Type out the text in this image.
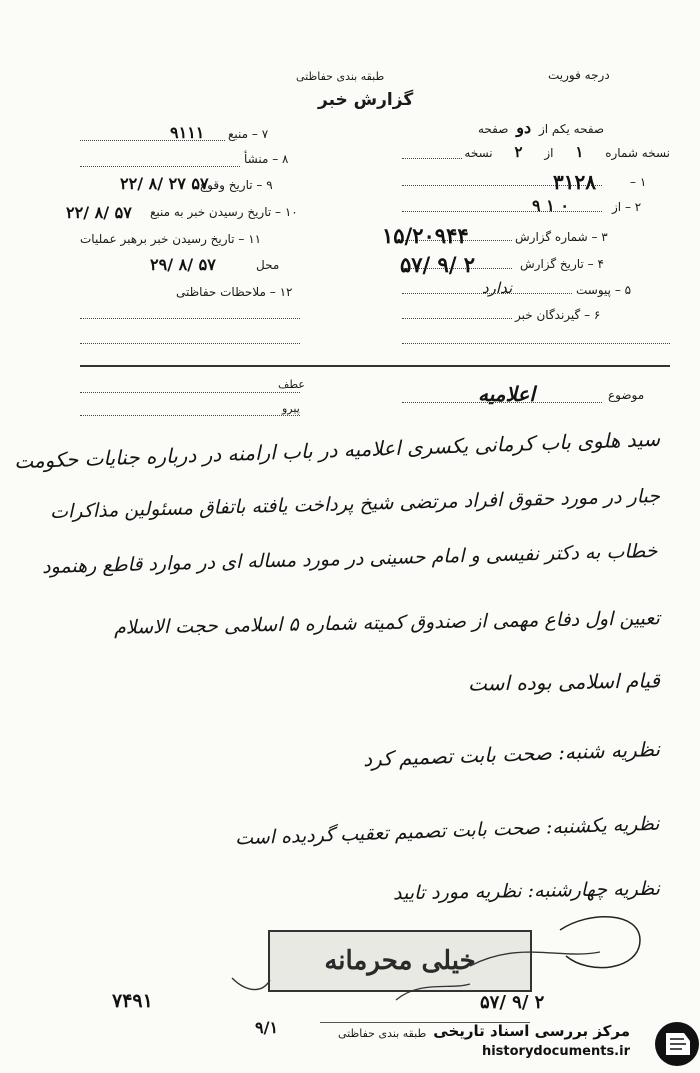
درجه فوریت
طبقه بندی حفاظتی
گزارش خبر
صفحه یکم از دو صفحه
نسخه شماره ۱ از ۲ نسخه
۷ – منبع
۹۱۱۱
۸ – منشأ
۹ – تاریخ وقوع
۲۲/ ۸/ ۲۷ ۵۷
۱۰ – تاریخ رسیدن خبر به منبع
۲۲/ ۸/ ۵۷
۱۱ – تاریخ رسیدن خبر برهبر عملیات
محل
۲۹/ ۸/ ۵۷
۱۲ – ملاحظات حفاظتی
۱ –
۳۱۲۸
۲ – از
۹ ۱ ۰
۳ – شماره گزارش
۱۵/۲۰۹۴۴
۴ – تاریخ گزارش
۵۷/ ۹/ ۲
۵ – پیوست
ندارد
۶ – گیرندگان خبر
عطف
پیرو
موضوع
اعلامیه
سید هلوی باب کرمانی یکسری اعلامیه در باب ارامنه در درباره جنایات حکومت
جبار در مورد حقوق افراد مرتضی شیخ پرداخت یافته باتفاق مسئولین مذاکرات
خطاب به دکتر نفیسی و امام حسینی در مورد مساله ای در موارد قاطع رهنمود
تعیین اول دفاع مهمی از صندوق کمیته شماره ۵ اسلامی حجت الاسلام
قیام اسلامی بوده است
نظریه شنبه: صحت بابت تصمیم کرد
نظریه یکشنبه: صحت بابت تصمیم تعقیب گردیده است
نظریه چهارشنبه: نظریه مورد تایید
خیلی محرمانه
۷۴۹۱	۵۷/ ۹/ ۲
۹/۱	طبقه بندی حفاظتی مرکز بررسی اسناد تاریخی
historydocuments.ir
